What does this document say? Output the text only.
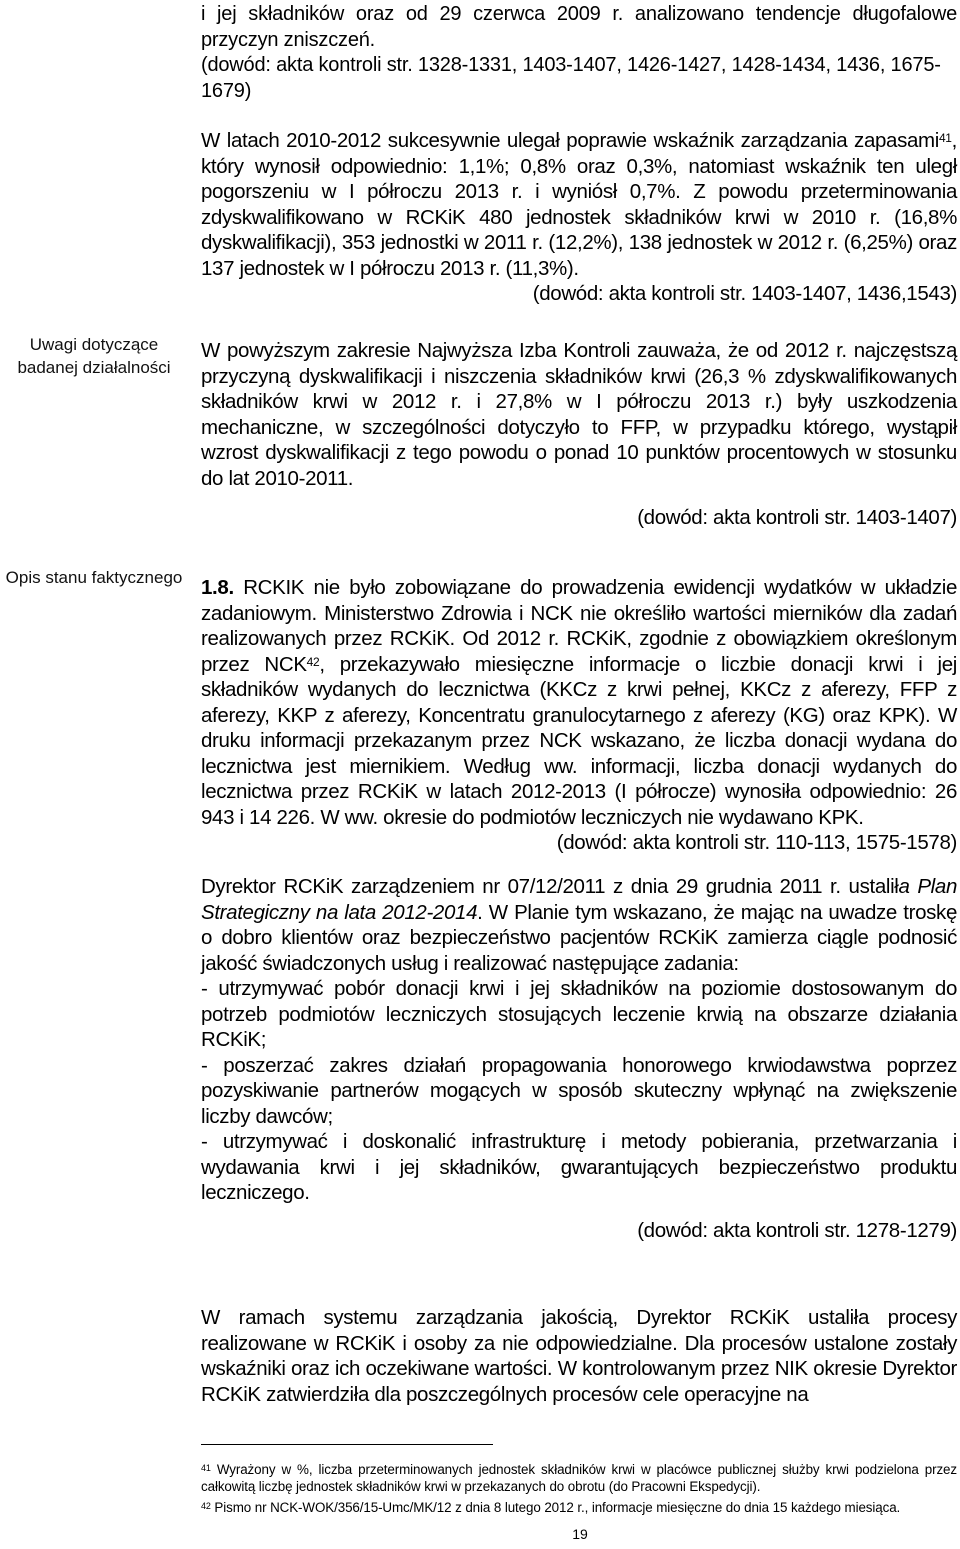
Uwagi dotyczące badanej działalności
Opis stanu faktycznego

i jej składników oraz od 29 czerwca 2009 r. analizowano tendencje długofalowe przyczyn zniszczeń.

(dowód: akta kontroli str. 1328-1331, 1403-1407, 1426-1427, 1428-1434, 1436, 1675-1679)

W latach 2010-2012 sukcesywnie ulegał poprawie wskaźnik zarządzania zapasami$^{41}$, który wynosił odpowiednio: 1,1%; 0,8% oraz 0,3%, natomiast wskaźnik ten uległ pogorszeniu w I półroczu 2013 r. i wyniósł 0,7%. Z powodu przeterminowania zdyskwalifikowano w RCKiK 480 jednostek składników krwi w 2010 r. (16,8% dyskwalifikacji), 353 jednostki w 2011 r. (12,2%), 138 jednostek w 2012 r. (6,25%) oraz 137 jednostek w I półroczu 2013 r. (11,3%).

(dowód: akta kontroli str. 1403-1407, 1436,1543)

W powyższym zakresie Najwyższa Izba Kontroli zauważa, że od 2012 r. najczęstszą przyczyną dyskwalifikacji i niszczenia składników krwi (26,3 % zdyskwalifikowanych składników krwi w 2012 r. i 27,8% w I półroczu 2013 r.) były uszkodzenia mechaniczne, w szczególności dotyczyło to FFP, w przypadku którego, wystąpił wzrost dyskwalifikacji z tego powodu o ponad 10 punktów procentowych w stosunku do lat 2010-2011.

(dowód: akta kontroli str. 1403-1407)

1.8. RCKIK nie było zobowiązane do prowadzenia ewidencji wydatków w układzie zadaniowym. Ministerstwo Zdrowia i NCK nie określiło wartości mierników dla zadań realizowanych przez RCKiK. Od 2012 r. RCKiK, zgodnie z obowiązkiem określonym przez NCK$^{42}$, przekazywało miesięczne informacje o liczbie donacji krwi i jej składników wydanych do lecznictwa (KKCz z krwi pełnej, KKCz z aferezy, FFP z aferezy, KKP z aferezy, Koncentratu granulocytarnego z aferezy (KG) oraz KPK). W druku informacji przekazanym przez NCK wskazano, że liczba donacji wydana do lecznictwa jest miernikiem. Według ww. informacji, liczba donacji wydanych do lecznictwa przez RCKiK w latach 2012-2013 (I półrocze) wynosiła odpowiednio: 26 943 i 14 226. W ww. okresie do podmiotów leczniczych nie wydawano KPK.

(dowód: akta kontroli str. 110-113, 1575-1578)

Dyrektor RCKiK zarządzeniem nr 07/12/2011 z dnia 29 grudnia 2011 r. ustaliła Plan Strategiczny na lata 2012-2014. W Planie tym wskazano, że mając na uwadze troskę o dobro klientów oraz bezpieczeństwo pacjentów RCKiK zamierza ciągle podnosić jakość świadczonych usług i realizować następujące zadania:

- utrzymywać pobór donacji krwi i jej składników na poziomie dostosowanym do potrzeb podmiotów leczniczych stosujących leczenie krwią na obszarze działania RCKiK;

- poszerzać zakres działań propagowania honorowego krwiodawstwa poprzez pozyskiwanie partnerów mogących w sposób skuteczny wpłynąć na zwiększenie liczby dawców;

- utrzymywać i doskonalić infrastrukturę i metody pobierania, przetwarzania i wydawania krwi i jej składników, gwarantujących bezpieczeństwo produktu leczniczego.

(dowód: akta kontroli str. 1278-1279)

W ramach systemu zarządzania jakością, Dyrektor RCKiK ustaliła procesy realizowane w RCKiK i osoby za nie odpowiedzialne. Dla procesów ustalone zostały wskaźniki oraz ich oczekiwane wartości. W kontrolowanym przez NIK okresie Dyrektor RCKiK zatwierdziła dla poszczególnych procesów cele operacyjne na

$^{41}$ Wyrażony w %, liczba przeterminowanych jednostek składników krwi w placówce publicznej służby krwi podzielona przez całkowitą liczbę jednostek składników krwi w przekazanych do obrotu (do Pracowni Ekspedycji).
$^{42}$ Pismo nr NCK-WOK/356/15-Umc/MK/12 z dnia 8 lutego 2012 r., informacje miesięczne do dnia 15 każdego miesiąca.
19
